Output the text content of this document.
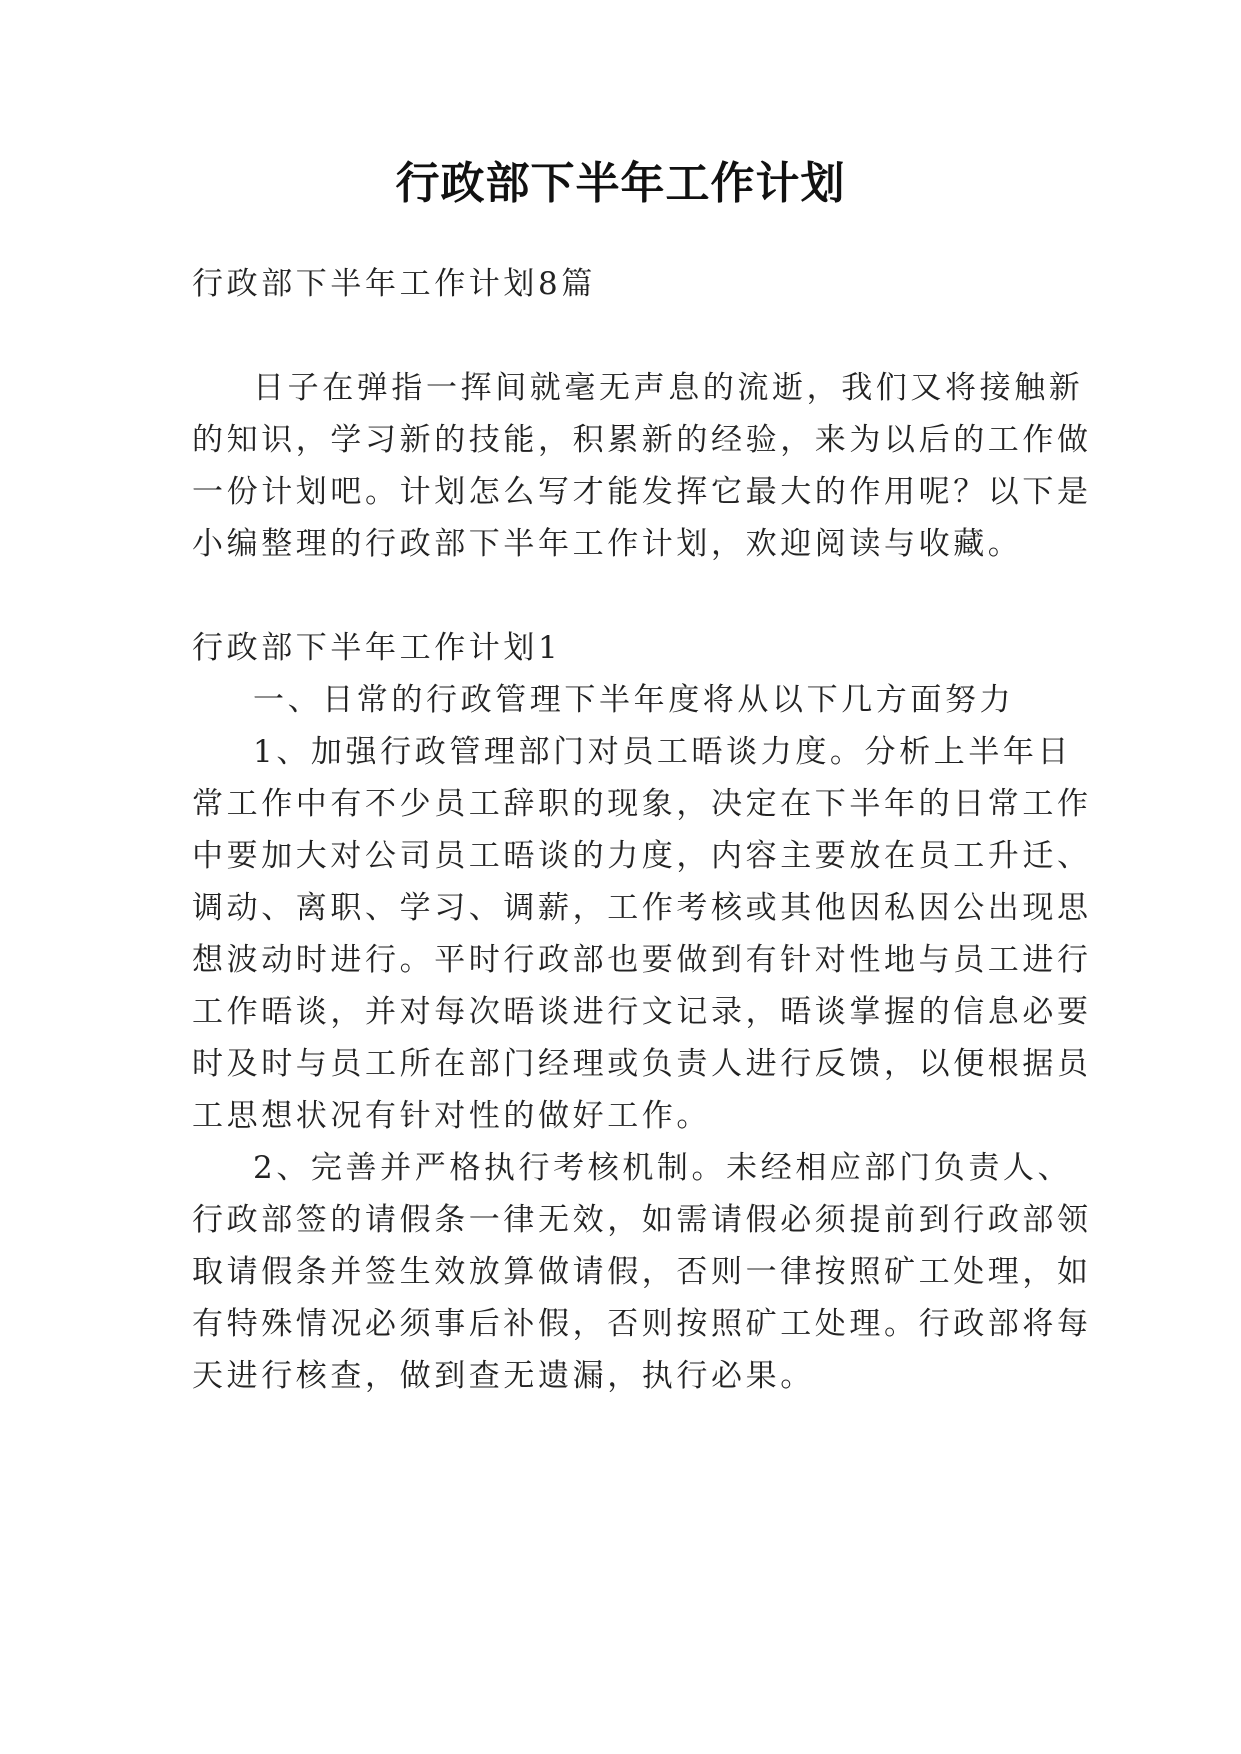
行政部下半年工作计划
行政部下半年工作计划8篇
日子在弹指一挥间就毫无声息的流逝，我们又将接触新
的知识，学习新的技能，积累新的经验，来为以后的工作做
一份计划吧。计划怎么写才能发挥它最大的作用呢？以下是
小编整理的行政部下半年工作计划，欢迎阅读与收藏。
行政部下半年工作计划1
一、日常的行政管理下半年度将从以下几方面努力
1、加强行政管理部门对员工晤谈力度。分析上半年日
常工作中有不少员工辞职的现象，决定在下半年的日常工作
中要加大对公司员工晤谈的力度，内容主要放在员工升迁、
调动、离职、学习、调薪，工作考核或其他因私因公出现思
想波动时进行。平时行政部也要做到有针对性地与员工进行
工作晤谈，并对每次晤谈进行文记录，晤谈掌握的信息必要
时及时与员工所在部门经理或负责人进行反馈，以便根据员
工思想状况有针对性的做好工作。
2、完善并严格执行考核机制。未经相应部门负责人、
行政部签的请假条一律无效，如需请假必须提前到行政部领
取请假条并签生效放算做请假，否则一律按照矿工处理，如
有特殊情况必须事后补假，否则按照矿工处理。行政部将每
天进行核查，做到查无遗漏，执行必果。
